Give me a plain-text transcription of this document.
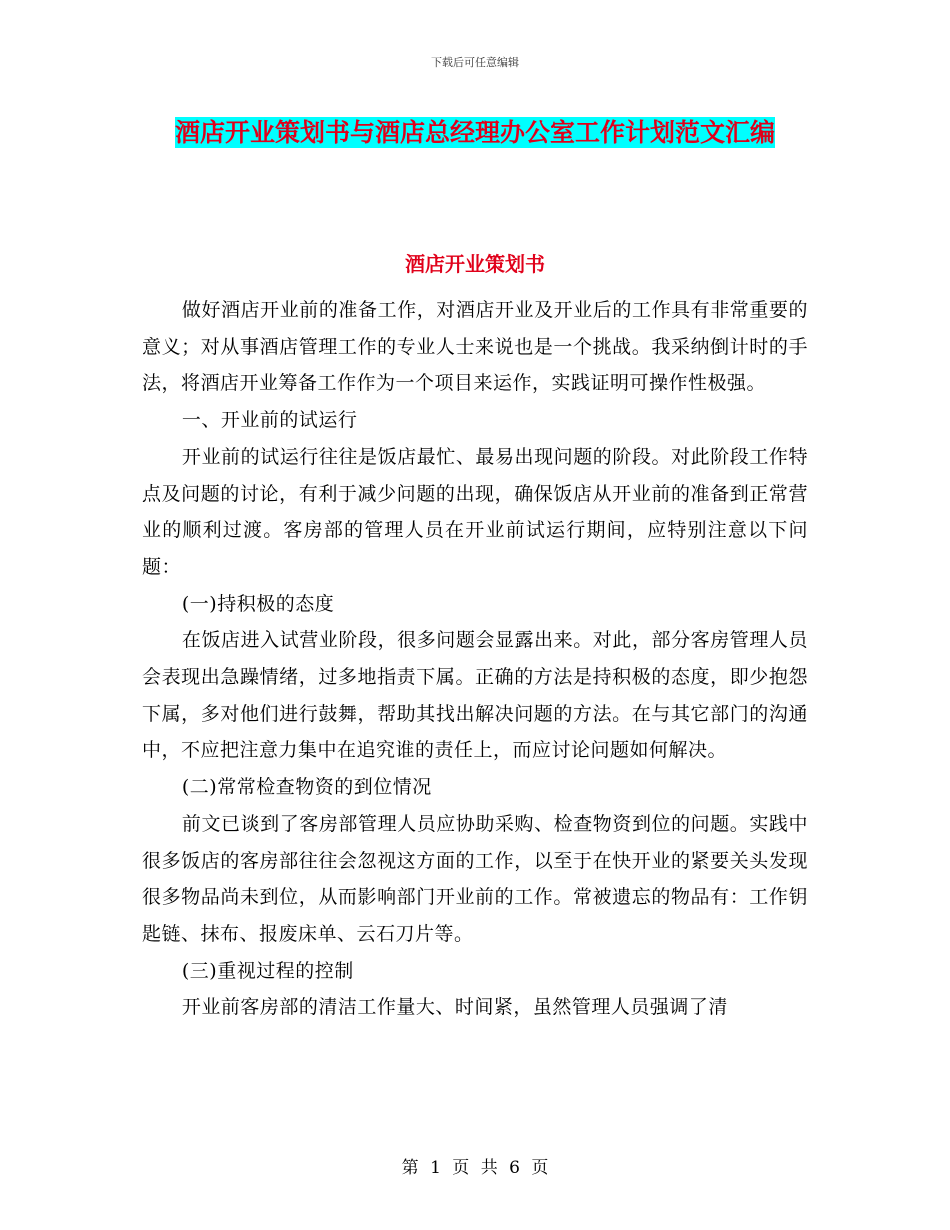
下载后可任意编辑
酒店开业策划书与酒店总经理办公室工作计划范文汇编
酒店开业策划书

做好酒店开业前的准备工作，对酒店开业及开业后的工作具有非常重要的意义；对从事酒店管理工作的专业人士来说也是一个挑战。我采纳倒计时的手法，将酒店开业筹备工作作为一个项目来运作，实践证明可操作性极强。

一、开业前的试运行

开业前的试运行往往是饭店最忙、最易出现问题的阶段。对此阶段工作特点及问题的讨论，有利于减少问题的出现，确保饭店从开业前的准备到正常营业的顺利过渡。客房部的管理人员在开业前试运行期间，应特别注意以下问题：

(一)持积极的态度

在饭店进入试营业阶段，很多问题会显露出来。对此，部分客房管理人员会表现出急躁情绪，过多地指责下属。正确的方法是持积极的态度，即少抱怨下属，多对他们进行鼓舞，帮助其找出解决问题的方法。在与其它部门的沟通中，不应把注意力集中在追究谁的责任上，而应讨论问题如何解决。

(二)常常检查物资的到位情况

前文已谈到了客房部管理人员应协助采购、检查物资到位的问题。实践中很多饭店的客房部往往会忽视这方面的工作，以至于在快开业的紧要关头发现很多物品尚未到位，从而影响部门开业前的工作。常被遗忘的物品有：工作钥匙链、抹布、报废床单、云石刀片等。

(三)重视过程的控制

开业前客房部的清洁工作量大、时间紧，虽然管理人员强调了清

第 1 页 共 6 页
